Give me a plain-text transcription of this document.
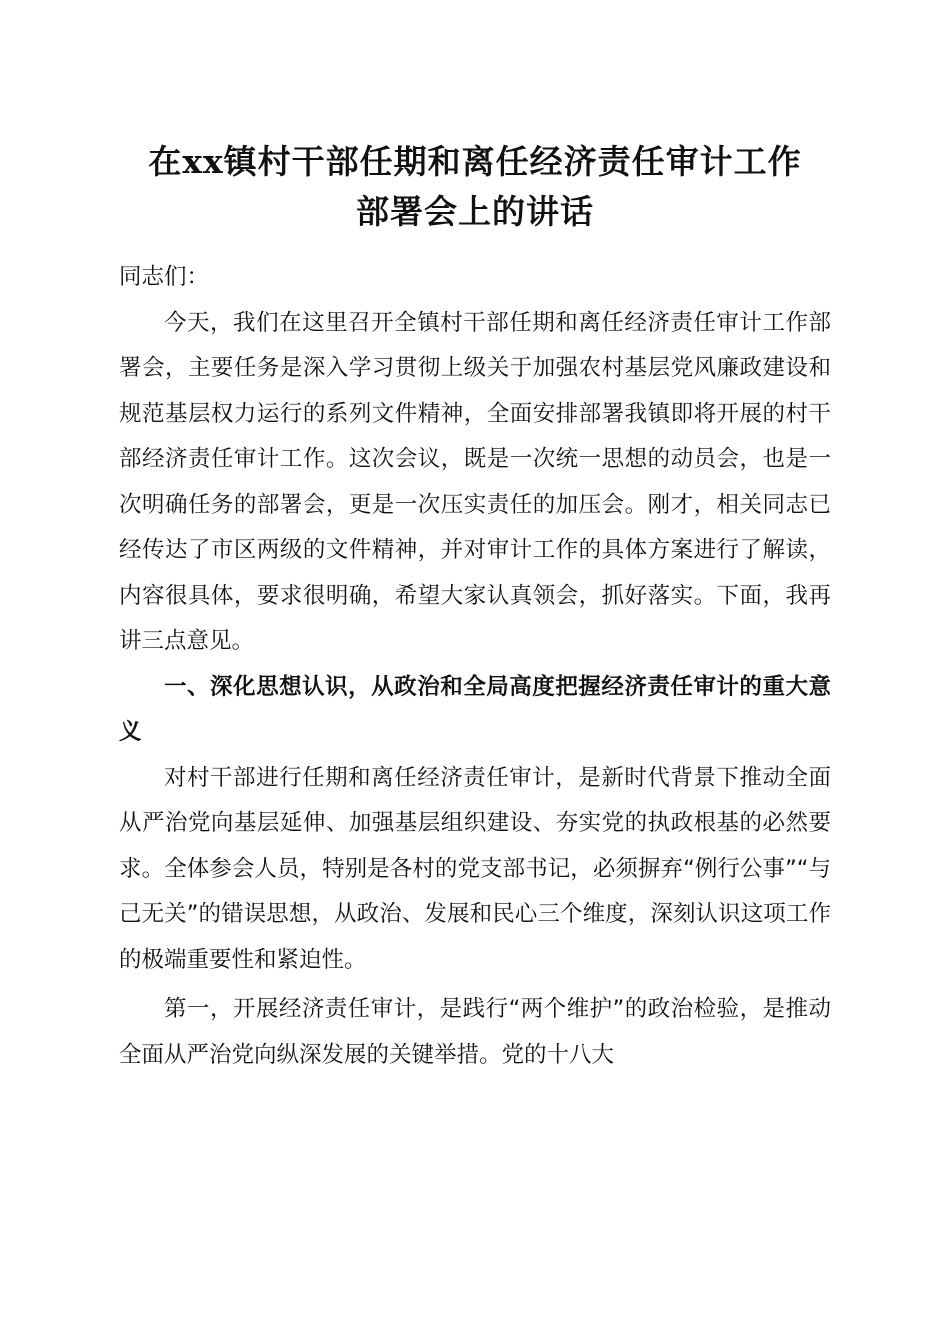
在xx镇村干部任期和离任经济责任审计工作
部署会上的讲话

同志们：

今天，我们在这里召开全镇村干部任期和离任经济责任审计工作部署会，主要任务是深入学习贯彻上级关于加强农村基层党风廉政建设和规范基层权力运行的系列文件精神，全面安排部署我镇即将开展的村干部经济责任审计工作。这次会议，既是一次统一思想的动员会，也是一次明确任务的部署会，更是一次压实责任的加压会。刚才，相关同志已经传达了市区两级的文件精神，并对审计工作的具体方案进行了解读，内容很具体，要求很明确，希望大家认真领会，抓好落实。下面，我再讲三点意见。

一、深化思想认识，从政治和全局高度把握经济责任审计的重大意义

对村干部进行任期和离任经济责任审计，是新时代背景下推动全面从严治党向基层延伸、加强基层组织建设、夯实党的执政根基的必然要求。全体参会人员，特别是各村的党支部书记，必须摒弃“例行公事”“与己无关”的错误思想，从政治、发展和民心三个维度，深刻认识这项工作的极端重要性和紧迫性。

第一，开展经济责任审计，是践行“两个维护”的政治检验，是推动全面从严治党向纵深发展的关键举措。党的十八大
